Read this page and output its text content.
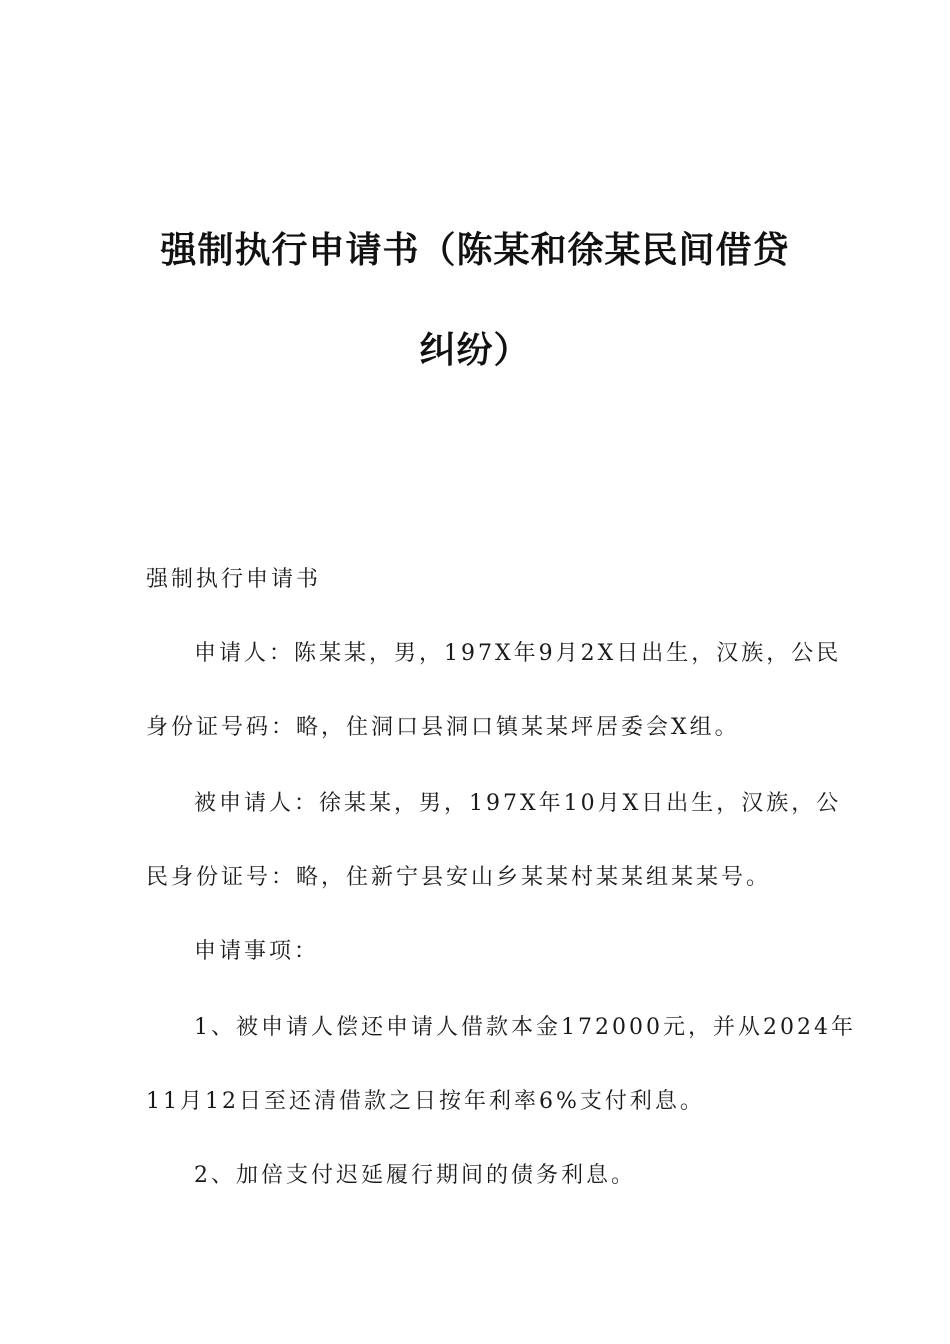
强制执行申请书（陈某和徐某民间借贷
纠纷）
强制执行申请书
申请人：陈某某，男，197X年9月2X日出生，汉族，公民
身份证号码：略，住洞口县洞口镇某某坪居委会X组。
被申请人：徐某某，男，197X年10月X日出生，汉族，公
民身份证号：略，住新宁县安山乡某某村某某组某某号。
申请事项：
1、被申请人偿还申请人借款本金172000元，并从2024年
11月12日至还清借款之日按年利率6%支付利息。
2、加倍支付迟延履行期间的债务利息。
